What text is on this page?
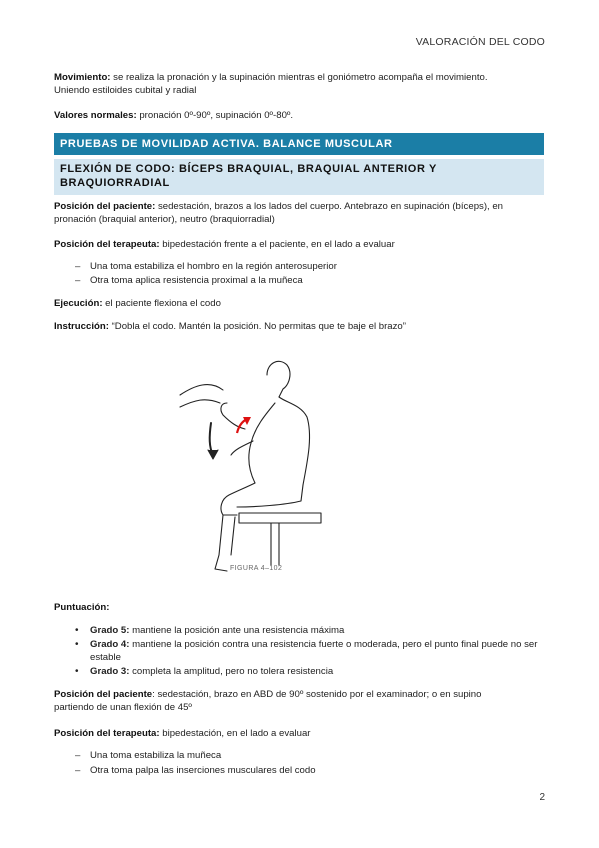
VALORACIÓN DEL CODO
Movimiento: se realiza la pronación y la supinación mientras el goniómetro acompaña el movimiento.
Uniendo estiloides cubital y radial
Valores normales: pronación 0º-90º, supinación 0º-80º.
PRUEBAS DE MOVILIDAD ACTIVA. BALANCE MUSCULAR
FLEXIÓN DE CODO: BÍCEPS BRAQUIAL, BRAQUIAL ANTERIOR Y
BRAQUIORRADIAL
Posición del paciente: sedestación, brazos a los lados del cuerpo. Antebrazo en supinación (bíceps), en
pronación (braquial anterior), neutro (braquiorradial)
Posición del terapeuta: bipedestación frente a el paciente, en el lado a evaluar
Una toma estabiliza el hombro en la región anterosuperior
Otra toma aplica resistencia proximal a la muñeca
Ejecución: el paciente flexiona el codo
Instrucción: “Dobla el codo. Mantén la posición. No permitas que te baje el brazo”
FIGURA 4–102
Puntuación:
• Grado 5: mantiene la posición ante una resistencia máxima
• Grado 4: mantiene la posición contra una resistencia fuerte o moderada, pero el punto final puede no ser estable
• Grado 3: completa la amplitud, pero no tolera resistencia
Posición del paciente: sedestación, brazo en ABD de 90º sostenido por el examinador; o en supino
partiendo de unan flexión de 45º
Posición del terapeuta: bipedestación, en el lado a evaluar
Una toma estabiliza la muñeca
Otra toma palpa las inserciones musculares del codo
2
